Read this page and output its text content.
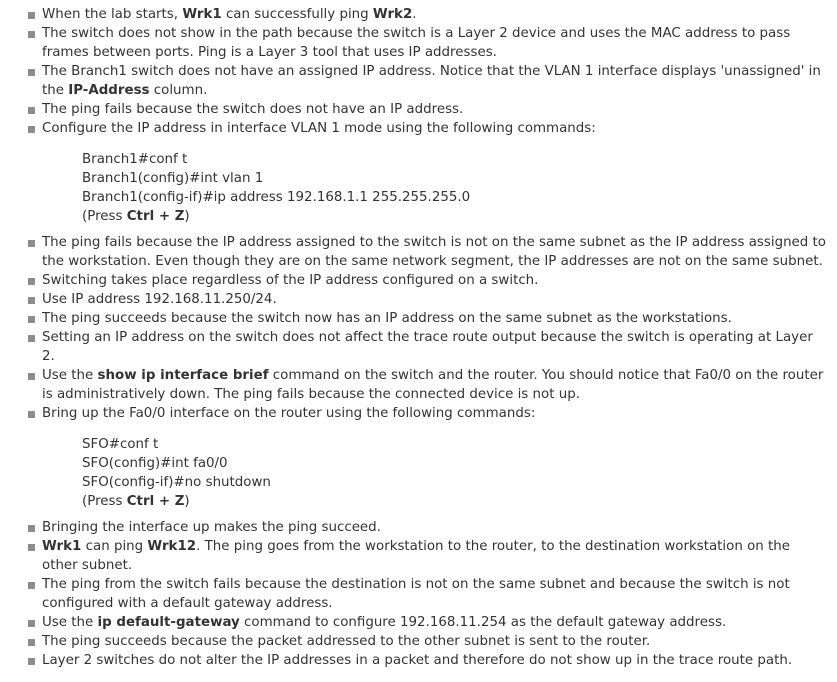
When the lab starts, Wrk1 can successfully ping Wrk2.
The switch does not show in the path because the switch is a Layer 2 device and uses the MAC address to pass frames between ports. Ping is a Layer 3 tool that uses IP addresses.
The Branch1 switch does not have an assigned IP address. Notice that the VLAN 1 interface displays 'unassigned' in the IP-Address column.
The ping fails because the switch does not have an IP address.
Configure the IP address in interface VLAN 1 mode using the following commands:
Branch1#conf t
Branch1(config)#int vlan 1
Branch1(config-if)#ip address 192.168.1.1 255.255.255.0
(Press Ctrl + Z)
The ping fails because the IP address assigned to the switch is not on the same subnet as the IP address assigned to the workstation. Even though they are on the same network segment, the IP addresses are not on the same subnet.
Switching takes place regardless of the IP address configured on a switch.
Use IP address 192.168.11.250/24.
The ping succeeds because the switch now has an IP address on the same subnet as the workstations.
Setting an IP address on the switch does not affect the trace route output because the switch is operating at Layer 2.
Use the show ip interface brief command on the switch and the router. You should notice that Fa0/0 on the router is administratively down. The ping fails because the connected device is not up.
Bring up the Fa0/0 interface on the router using the following commands:
SFO#conf t
SFO(config)#int fa0/0
SFO(config-if)#no shutdown
(Press Ctrl + Z)
Bringing the interface up makes the ping succeed.
Wrk1 can ping Wrk12. The ping goes from the workstation to the router, to the destination workstation on the other subnet.
The ping from the switch fails because the destination is not on the same subnet and because the switch is not configured with a default gateway address.
Use the ip default-gateway command to configure 192.168.11.254 as the default gateway address.
The ping succeeds because the packet addressed to the other subnet is sent to the router.
Layer 2 switches do not alter the IP addresses in a packet and therefore do not show up in the trace route path.
